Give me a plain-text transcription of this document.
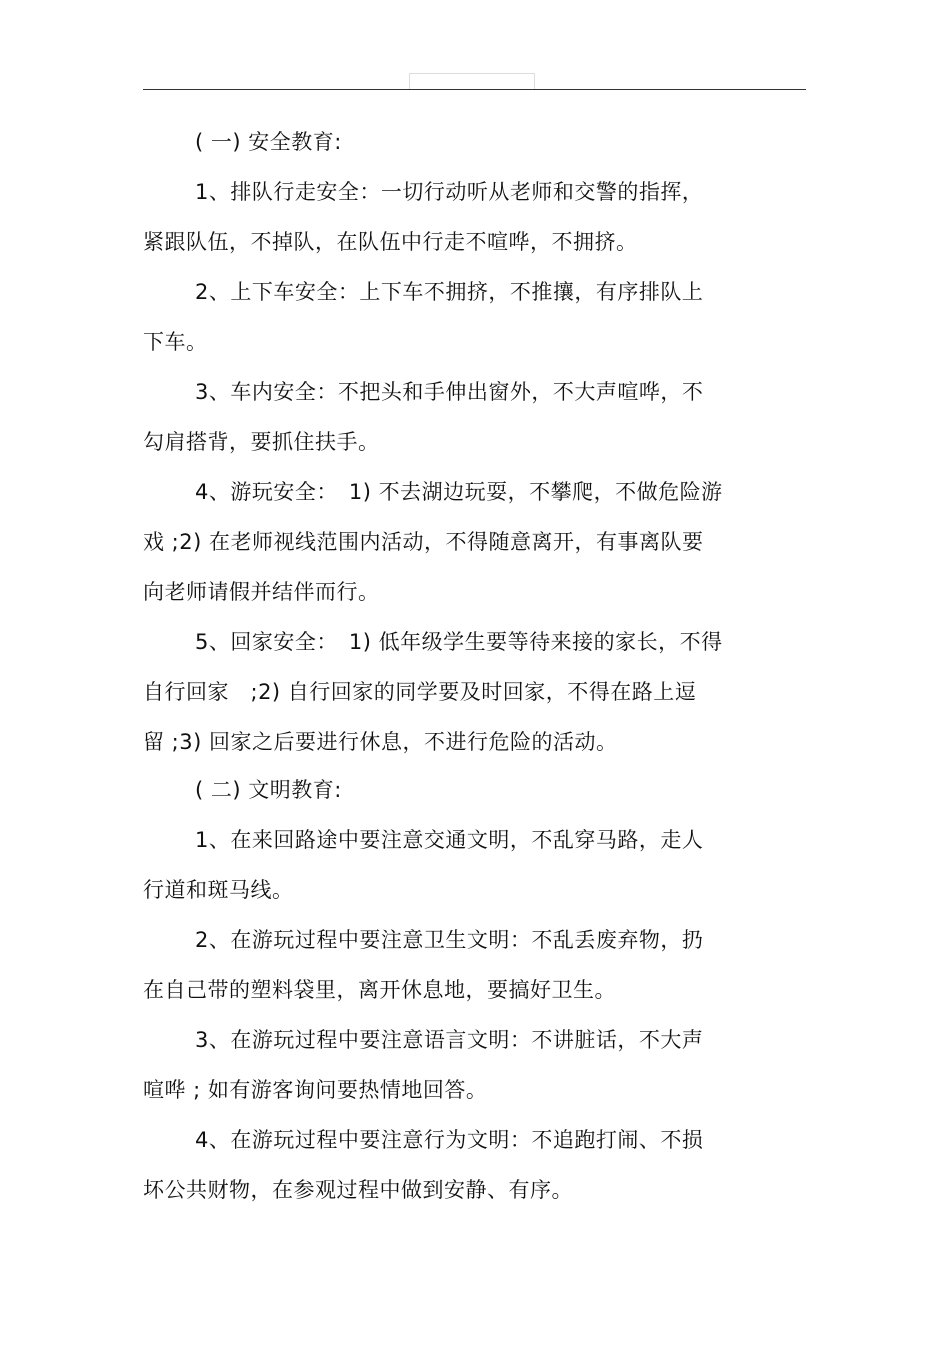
( 一) 安全教育:
1、排队行走安全：一切行动听从老师和交警的指挥，
紧跟队伍，不掉队，在队伍中行走不喧哗，不拥挤。
2、上下车安全：上下车不拥挤，不推攘，有序排队上
下车。
3、车内安全：不把头和手伸出窗外，不大声喧哗，不
勾肩搭背，要抓住扶手。
4、游玩安全：　1) 不去湖边玩耍，不攀爬，不做危险游
戏 ;2) 在老师视线范围内活动，不得随意离开，有事离队要
向老师请假并结伴而行。
5、回家安全：　1) 低年级学生要等待来接的家长，不得
自行回家　;2) 自行回家的同学要及时回家，不得在路上逗
留 ;3) 回家之后要进行休息，不进行危险的活动。
( 二) 文明教育:
1、在来回路途中要注意交通文明，不乱穿马路，走人
行道和斑马线。
2、在游玩过程中要注意卫生文明：不乱丢废弃物，扔
在自己带的塑料袋里，离开休息地，要搞好卫生。
3、在游玩过程中要注意语言文明：不讲脏话，不大声
喧哗 ; 如有游客询问要热情地回答。
4、在游玩过程中要注意行为文明：不追跑打闹、不损
坏公共财物，在参观过程中做到安静、有序。
